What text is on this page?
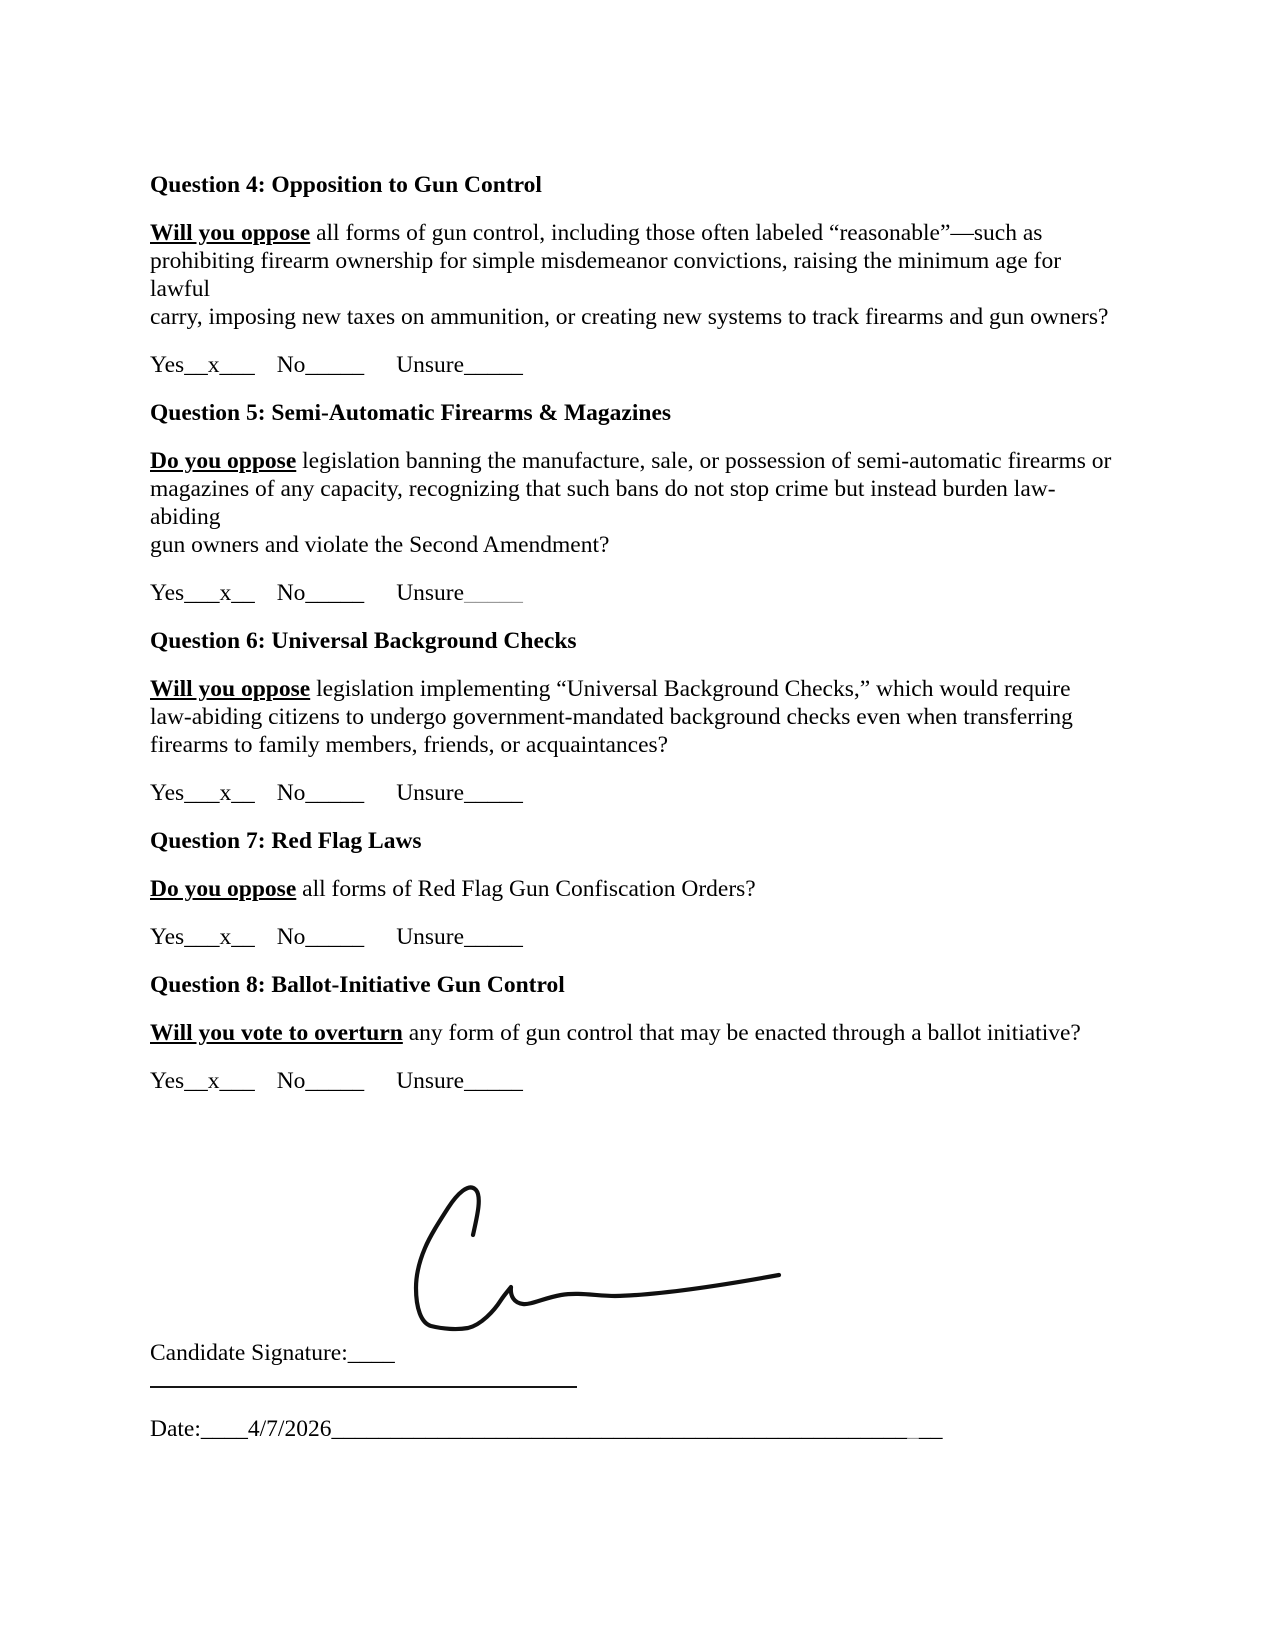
Question 4: Opposition to Gun Control
Will you oppose all forms of gun control, including those often labeled “reasonable”—such as
prohibiting firearm ownership for simple misdemeanor convictions, raising the minimum age for lawful
carry, imposing new taxes on ammunition, or creating new systems to track firearms and gun owners?
Yes__x___ No_____ Unsure_____
Question 5: Semi-Automatic Firearms & Magazines
Do you oppose legislation banning the manufacture, sale, or possession of semi-automatic firearms or
magazines of any capacity, recognizing that such bans do not stop crime but instead burden law-abiding
gun owners and violate the Second Amendment?
Yes___x__ No_____ Unsure_____
Question 6: Universal Background Checks
Will you oppose legislation implementing “Universal Background Checks,” which would require
law-abiding citizens to undergo government-mandated background checks even when transferring
firearms to family members, friends, or acquaintances?
Yes___x__ No_____ Unsure_____
Question 7: Red Flag Laws
Do you oppose all forms of Red Flag Gun Confiscation Orders?
Yes___x__ No_____ Unsure_____
Question 8: Ballot-Initiative Gun Control
Will you vote to overturn any form of gun control that may be enacted through a ballot initiative?
Yes__x___ No_____ Unsure_____
Candidate Signature:____
Date:____4/7/2026____________________________________________________
